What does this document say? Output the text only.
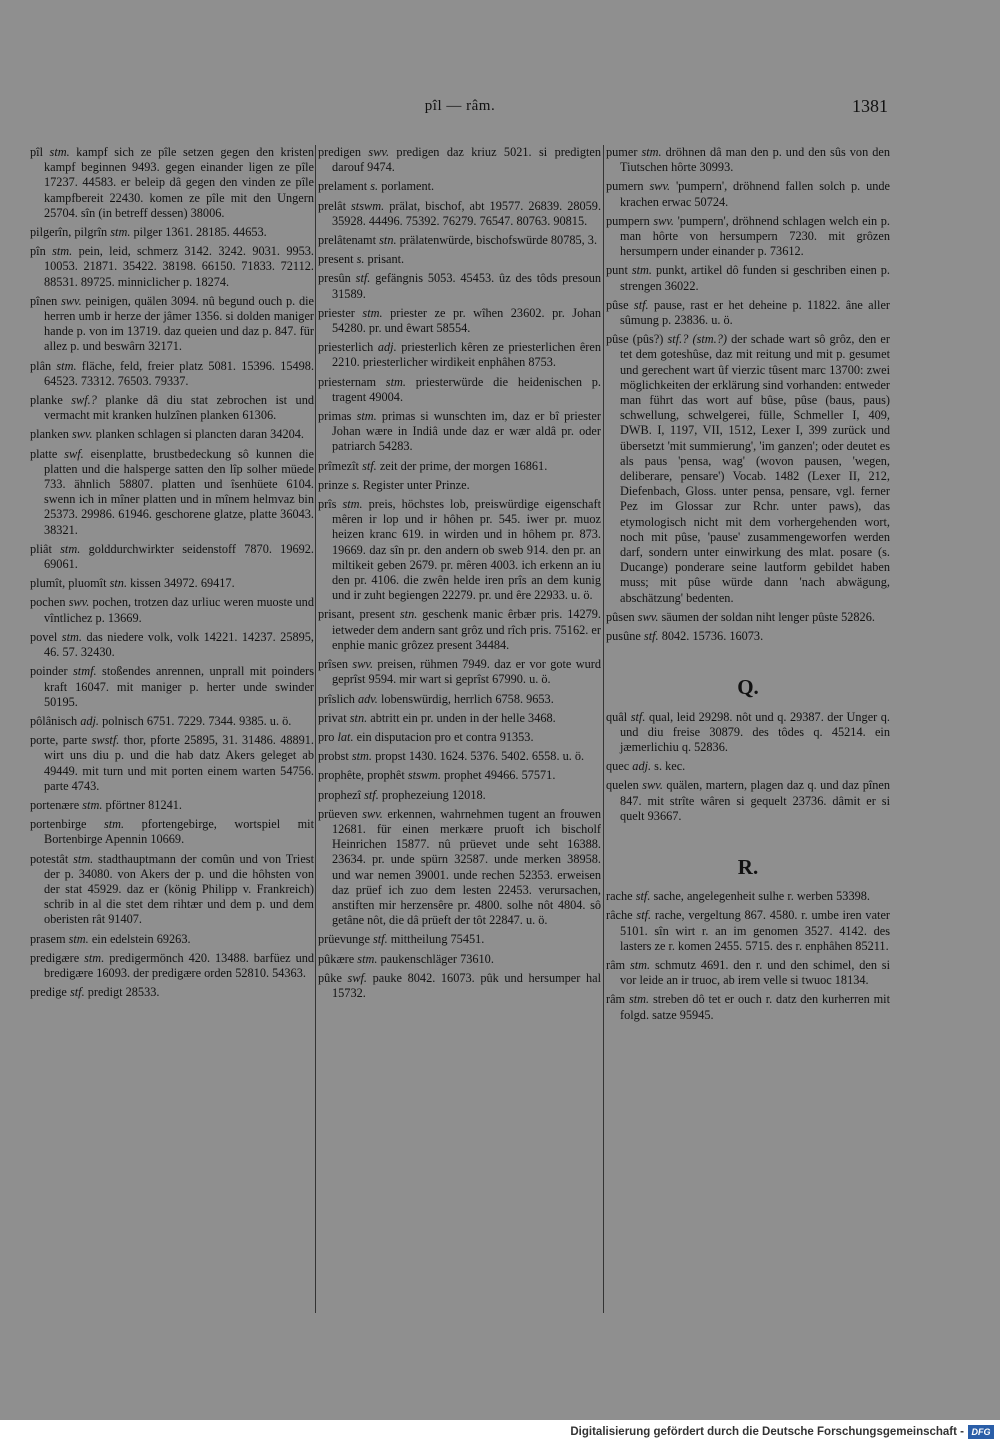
pîl — râm.	1381
pîl stm. kampf sich ze pîle setzen gegen den kristen kampf beginnen 9493. gegen einander ligen ze pîle 17237. 44583. er beleip dâ gegen den vinden ze pîle kampfbereit 22430. komen ze pîle mit den Ungern 25704. sîn (in betreff dessen) 38006.
pilgerîn, pilgrîn stm. pilger 1361. 28185. 44653.
pîn stm. pein, leid, schmerz 3142. 3242. 9031. 9953. 10053. 21871. 35422. 38198. 66150. 71833. 72112. 88531. 89725. minniclicher p. 18274.
pînen swv. peinigen, quälen 3094. nû begund ouch p. die herren umb ir herze der jâmer 1356. si dolden maniger hande p. von im 13719. daz queien und daz p. 847. für allez p. und beswârn 32171.
plân stm. fläche, feld, freier platz 5081. 15396. 15498. 64523. 73312. 76503. 79337.
planke swf.? planke dâ diu stat zebrochen ist und vermacht mit kranken hulzînen planken 61306.
planken swv. planken schlagen si plancten daran 34204.
platte swf. eisenplatte, brustbedeckung sô kunnen die platten und die halsperge satten den lîp solher müede 733. ähnlich 58807. platten und îsenhüete 6104. swenn ich in mîner platten und in mînem helmvaz bin 25373. 29986. 61946. geschorene glatze, platte 36043. 38321.
pliât stm. golddurchwirkter seidenstoff 7870. 19692. 69061.
plumît, pluomît stn. kissen 34972. 69417.
pochen swv. pochen, trotzen daz urliuc weren muoste und vîntlichez p. 13669.
povel stm. das niedere volk, volk 14221. 14237. 25895, 46. 57. 32430.
poinder stmf. stoßendes anrennen, unprall mit poinders kraft 16047. mit maniger p. herter unde swinder 50195.
pôlânisch adj. polnisch 6751. 7229. 7344. 9385. u. ö.
porte, parte swstf. thor, pforte 25895, 31. 31486. 48891. wirt uns diu p. und die hab datz Akers geleget ab 49449. mit turn und mit porten einem warten 54756. parte 4743.
portenære stm. pförtner 81241.
portenbirge stm. pfortengebirge, wortspiel mit Bortenbirge Apennin 10669.
potestât stm. stadthauptmann der comûn und von Triest der p. 34080. von Akers der p. und die hôhsten von der stat 45929. daz er (könig Philipp v. Frankreich) schrib in al die stet dem rihtær und dem p. und dem oberisten rât 91407.
prasem stm. ein edelstein 69263.
predigære stm. predigermönch 420. 13488. barfüez und bredigære 16093. der predigære orden 52810. 54363.
predige stf. predigt 28533.
predigen swv. predigen daz kriuz 5021. si predigten darouf 9474.
prelament s. porlament.
prelât stswm. prälat, bischof, abt 19577. 26839. 28059. 35928. 44496. 75392. 76279. 76547. 80763. 90815.
prelâtenamt stn. prälatenwürde, bischofswürde 80785, 3.
present s. prisant.
presûn stf. gefängnis 5053. 45453. ûz des tôds presoun 31589.
priester stm. priester ze pr. wîhen 23602. pr. Johan 54280. pr. und êwart 58554.
priesterlich adj. priesterlich kêren ze priesterlichen êren 2210. priesterlicher wirdikeit enphâhen 8753.
priesternam stm. priesterwürde die heidenischen p. tragent 49004.
primas stm. primas si wunschten im, daz er bî priester Johan wære in Indiâ unde daz er wær aldâ pr. oder patriarch 54283.
prîmezît stf. zeit der prime, der morgen 16861.
prinze s. Register unter Prinze.
prîs stm. preis, höchstes lob, preiswürdige eigenschaft mêren ir lop und ir hôhen pr. 545. iwer pr. muoz heizen kranc 619. in wirden und in hôhem pr. 873. 19669. daz sîn pr. den andern ob sweb 914. den pr. an miltikeit geben 2679. pr. mêren 4003. ich erkenn an iu den pr. 4106. die zwên helde iren prîs an dem kunig und ir zuht begiengen 22279. pr. und êre 22933. u. ö.
prisant, present stn. geschenk manic êrbær pris. 14279. ietweder dem andern sant grôz und rîch pris. 75162. er enphie manic grôzez present 34484.
prîsen swv. preisen, rühmen 7949. daz er vor gote wurd geprîst 9594. mir wart si geprîst 67990. u. ö.
prîslich adv. lobenswürdig, herrlich 6758. 9653.
privat stn. abtritt ein pr. unden in der helle 3468.
pro lat. ein disputacion pro et contra 91353.
probst stm. propst 1430. 1624. 5376. 5402. 6558. u. ö.
prophête, prophêt stswm. prophet 49466. 57571.
prophezî stf. prophezeiung 12018.
prüeven swv. erkennen, wahrnehmen tugent an frouwen 12681. für einen merkære pruoft ich bischolf Heinrichen 15877. nû prüevet unde seht 16388. 23634. pr. unde spürn 32587. unde merken 38958. und war nemen 39001. unde rechen 52353. erweisen daz prüef ich zuo dem lesten 22453. verursachen, anstiften mir herzensêre pr. 4800. solhe nôt 4804. sô getâne nôt, die dâ prüeft der tôt 22847. u. ö.
prüevunge stf. mittheilung 75451.
pûkære stm. paukenschläger 73610.
pûke swf. pauke 8042. 16073. pûk und hersumper hal 15732.
pumer stm. dröhnen dâ man den p. und den sûs von den Tiutschen hôrte 30993.
pumern swv. 'pumpern', dröhnend fallen solch p. unde krachen erwac 50724.
pumpern swv. 'pumpern', dröhnend schlagen welch ein p. man hôrte von hersumpern 7230. mit grôzen hersumpern under einander p. 73612.
punt stm. punkt, artikel dô funden si geschriben einen p. strengen 36022.
pûse stf. pause, rast er het deheine p. 11822. âne aller sûmung p. 23836. u. ö.
pûse (pûs?) stf.? (stm.?) der schade wart sô grôz, den er tet dem goteshûse, daz mit reitung und mit p. gesumet und gerechent wart ûf vierzic tûsent marc 13700: zwei möglichkeiten der erklärung sind vorhanden: entweder man führt das wort auf bûse, pûse (baus, paus) schwellung, schwelgerei, fülle, Schmeller I, 409, DWB. I, 1197, VII, 1512, Lexer I, 399 zurück und übersetzt 'mit summierung', 'im ganzen'; oder deutet es als paus 'pensa, wag' (wovon pausen, 'wegen, deliberare, pensare') Vocab. 1482 (Lexer II, 212, Diefenbach, Gloss. unter pensa, pensare, vgl. ferner Pez im Glossar zur Rchr. unter paws), das etymologisch nicht mit dem vorhergehenden wort, noch mit pûse, 'pause' zusammengeworfen werden darf, sondern unter einwirkung des mlat. posare (s. Ducange) ponderare seine lautform gebildet haben muss; mit pûse würde dann 'nach abwägung, abschätzung' bedenten.
pûsen swv. säumen der soldan niht lenger pûste 52826.
pusûne stf. 8042. 15736. 16073.
Q.
quâl stf. qual, leid 29298. nôt und q. 29387. der Unger q. und diu freise 30879. des tôdes q. 45214. ein jæmerlichiu q. 52836.
quec adj. s. kec.
quelen swv. quälen, martern, plagen daz q. und daz pînen 847. mit strîte wâren si gequelt 23736. dâmit er si quelt 93667.
R.
rache stf. sache, angelegenheit sulhe r. werben 53398.
râche stf. rache, vergeltung 867. 4580. r. umbe iren vater 5101. sîn wirt r. an im genomen 3527. 4142. des lasters ze r. komen 2455. 5715. des r. enphâhen 85211.
râm stm. schmutz 4691. den r. und den schimel, den si vor leide an ir truoc, ab irem velle si twuoc 18134.
râm stm. streben dô tet er ouch r. datz den kurherren mit folgd. satze 95945.
Digitalisierung gefördert durch die Deutsche Forschungsgemeinschaft - DFG
